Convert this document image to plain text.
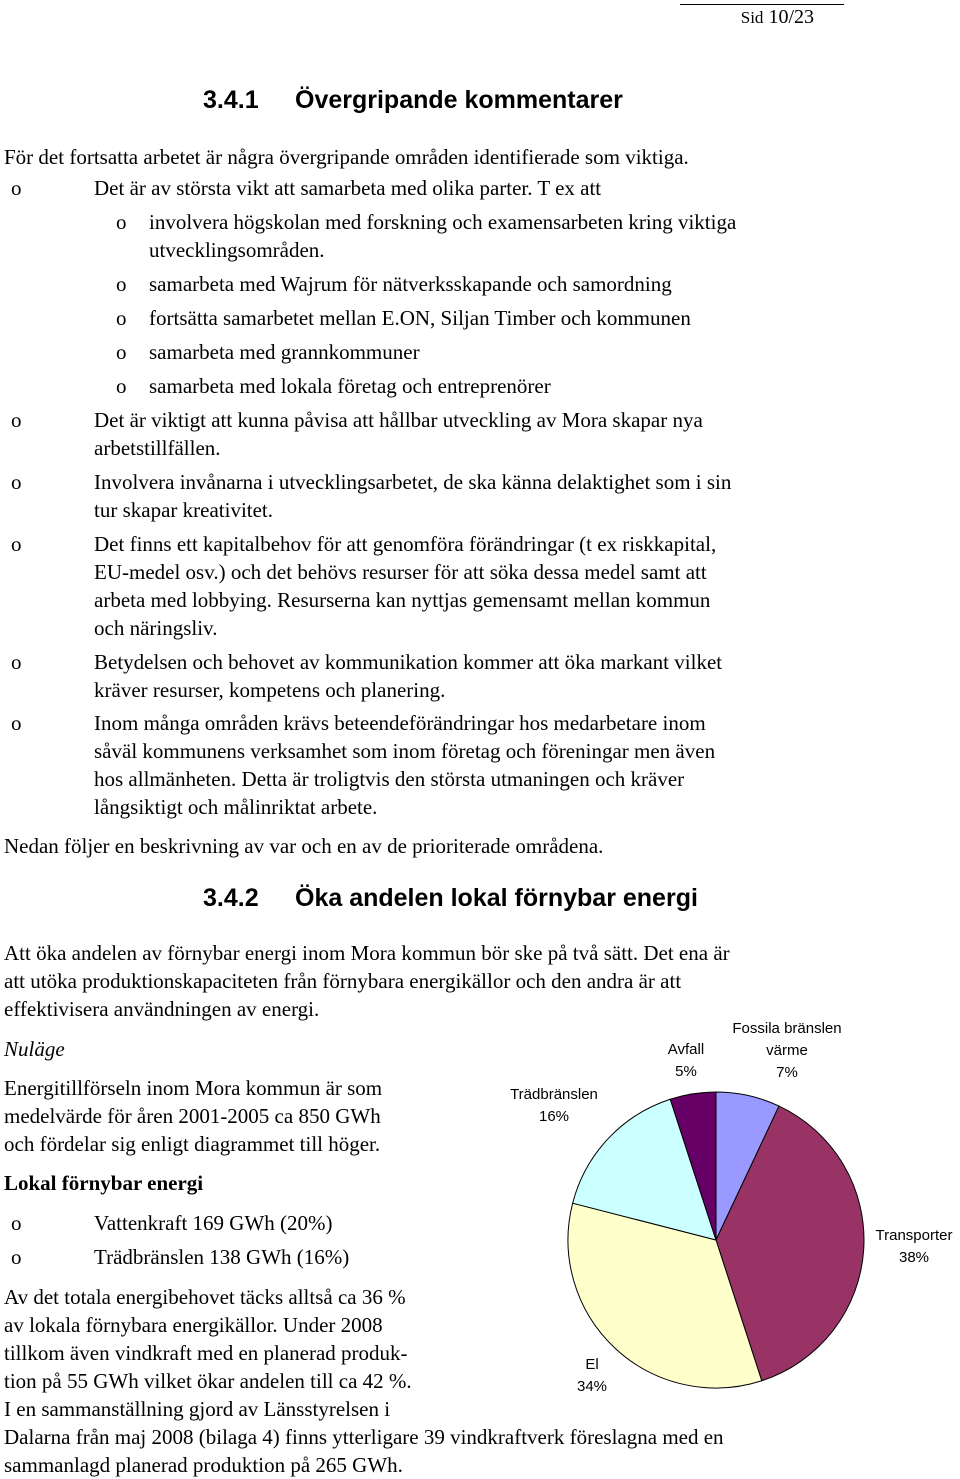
Sid 10/23
3.4.1 Övergripande kommentarer
För det fortsatta arbetet är några övergripande områden identifierade som viktiga.
o	Det är av största vikt att samarbeta med olika parter. T ex att
o involvera högskolan med forskning och examensarbeten kring viktiga
utvecklingsområden.
o samarbeta med Wajrum för nätverksskapande och samordning
o fortsätta samarbetet mellan E.ON, Siljan Timber och kommunen
o samarbeta med grannkommuner
o samarbeta med lokala företag och entreprenörer
o	Det är viktigt att kunna påvisa att hållbar utveckling av Mora skapar nya
arbetstillfällen.
o	Involvera invånarna i utvecklingsarbetet, de ska känna delaktighet som i sin
tur skapar kreativitet.
o	Det finns ett kapitalbehov för att genomföra förändringar (t ex riskkapital,
EU-medel osv.) och det behövs resurser för att söka dessa medel samt att
arbeta med lobbying. Resurserna kan nyttjas gemensamt mellan kommun
och näringsliv.
o	Betydelsen och behovet av kommunikation kommer att öka markant vilket
kräver resurser, kompetens och planering.
o	Inom många områden krävs beteendeförändringar hos medarbetare inom
såväl kommunens verksamhet som inom företag och föreningar men även
hos allmänheten. Detta är troligtvis den största utmaningen och kräver
långsiktigt och målinriktat arbete.
Nedan följer en beskrivning av var och en av de prioriterade områdena.
3.4.2 Öka andelen lokal förnybar energi
Att öka andelen av förnybar energi inom Mora kommun bör ske på två sätt. Det ena är
att utöka produktionskapaciteten från förnybara energikällor och den andra är att
effektivisera användningen av energi.
Nuläge
Energitillförseln inom Mora kommun är som
medelvärde för åren 2001-2005 ca 850 GWh
och fördelar sig enligt diagrammet till höger.
Lokal förnybar energi
o	Vattenkraft 169 GWh (20%)
o	Trädbränslen 138 GWh (16%)
Av det totala energibehovet täcks alltså ca 36 %
av lokala förnybara energikällor. Under 2008
tillkom även vindkraft med en planerad produk-
tion på 55 GWh vilket ökar andelen till ca 42 %.
I en sammanställning gjord av Länsstyrelsen i
Dalarna från maj 2008 (bilaga 4) finns ytterligare 39 vindkraftverk föreslagna med en
sammanlagd planerad produktion på 265 GWh.
Fossila bränslen
värme
7%
Transporter
38%
El
34%
Trädbränslen
16%
Avfall
5%
